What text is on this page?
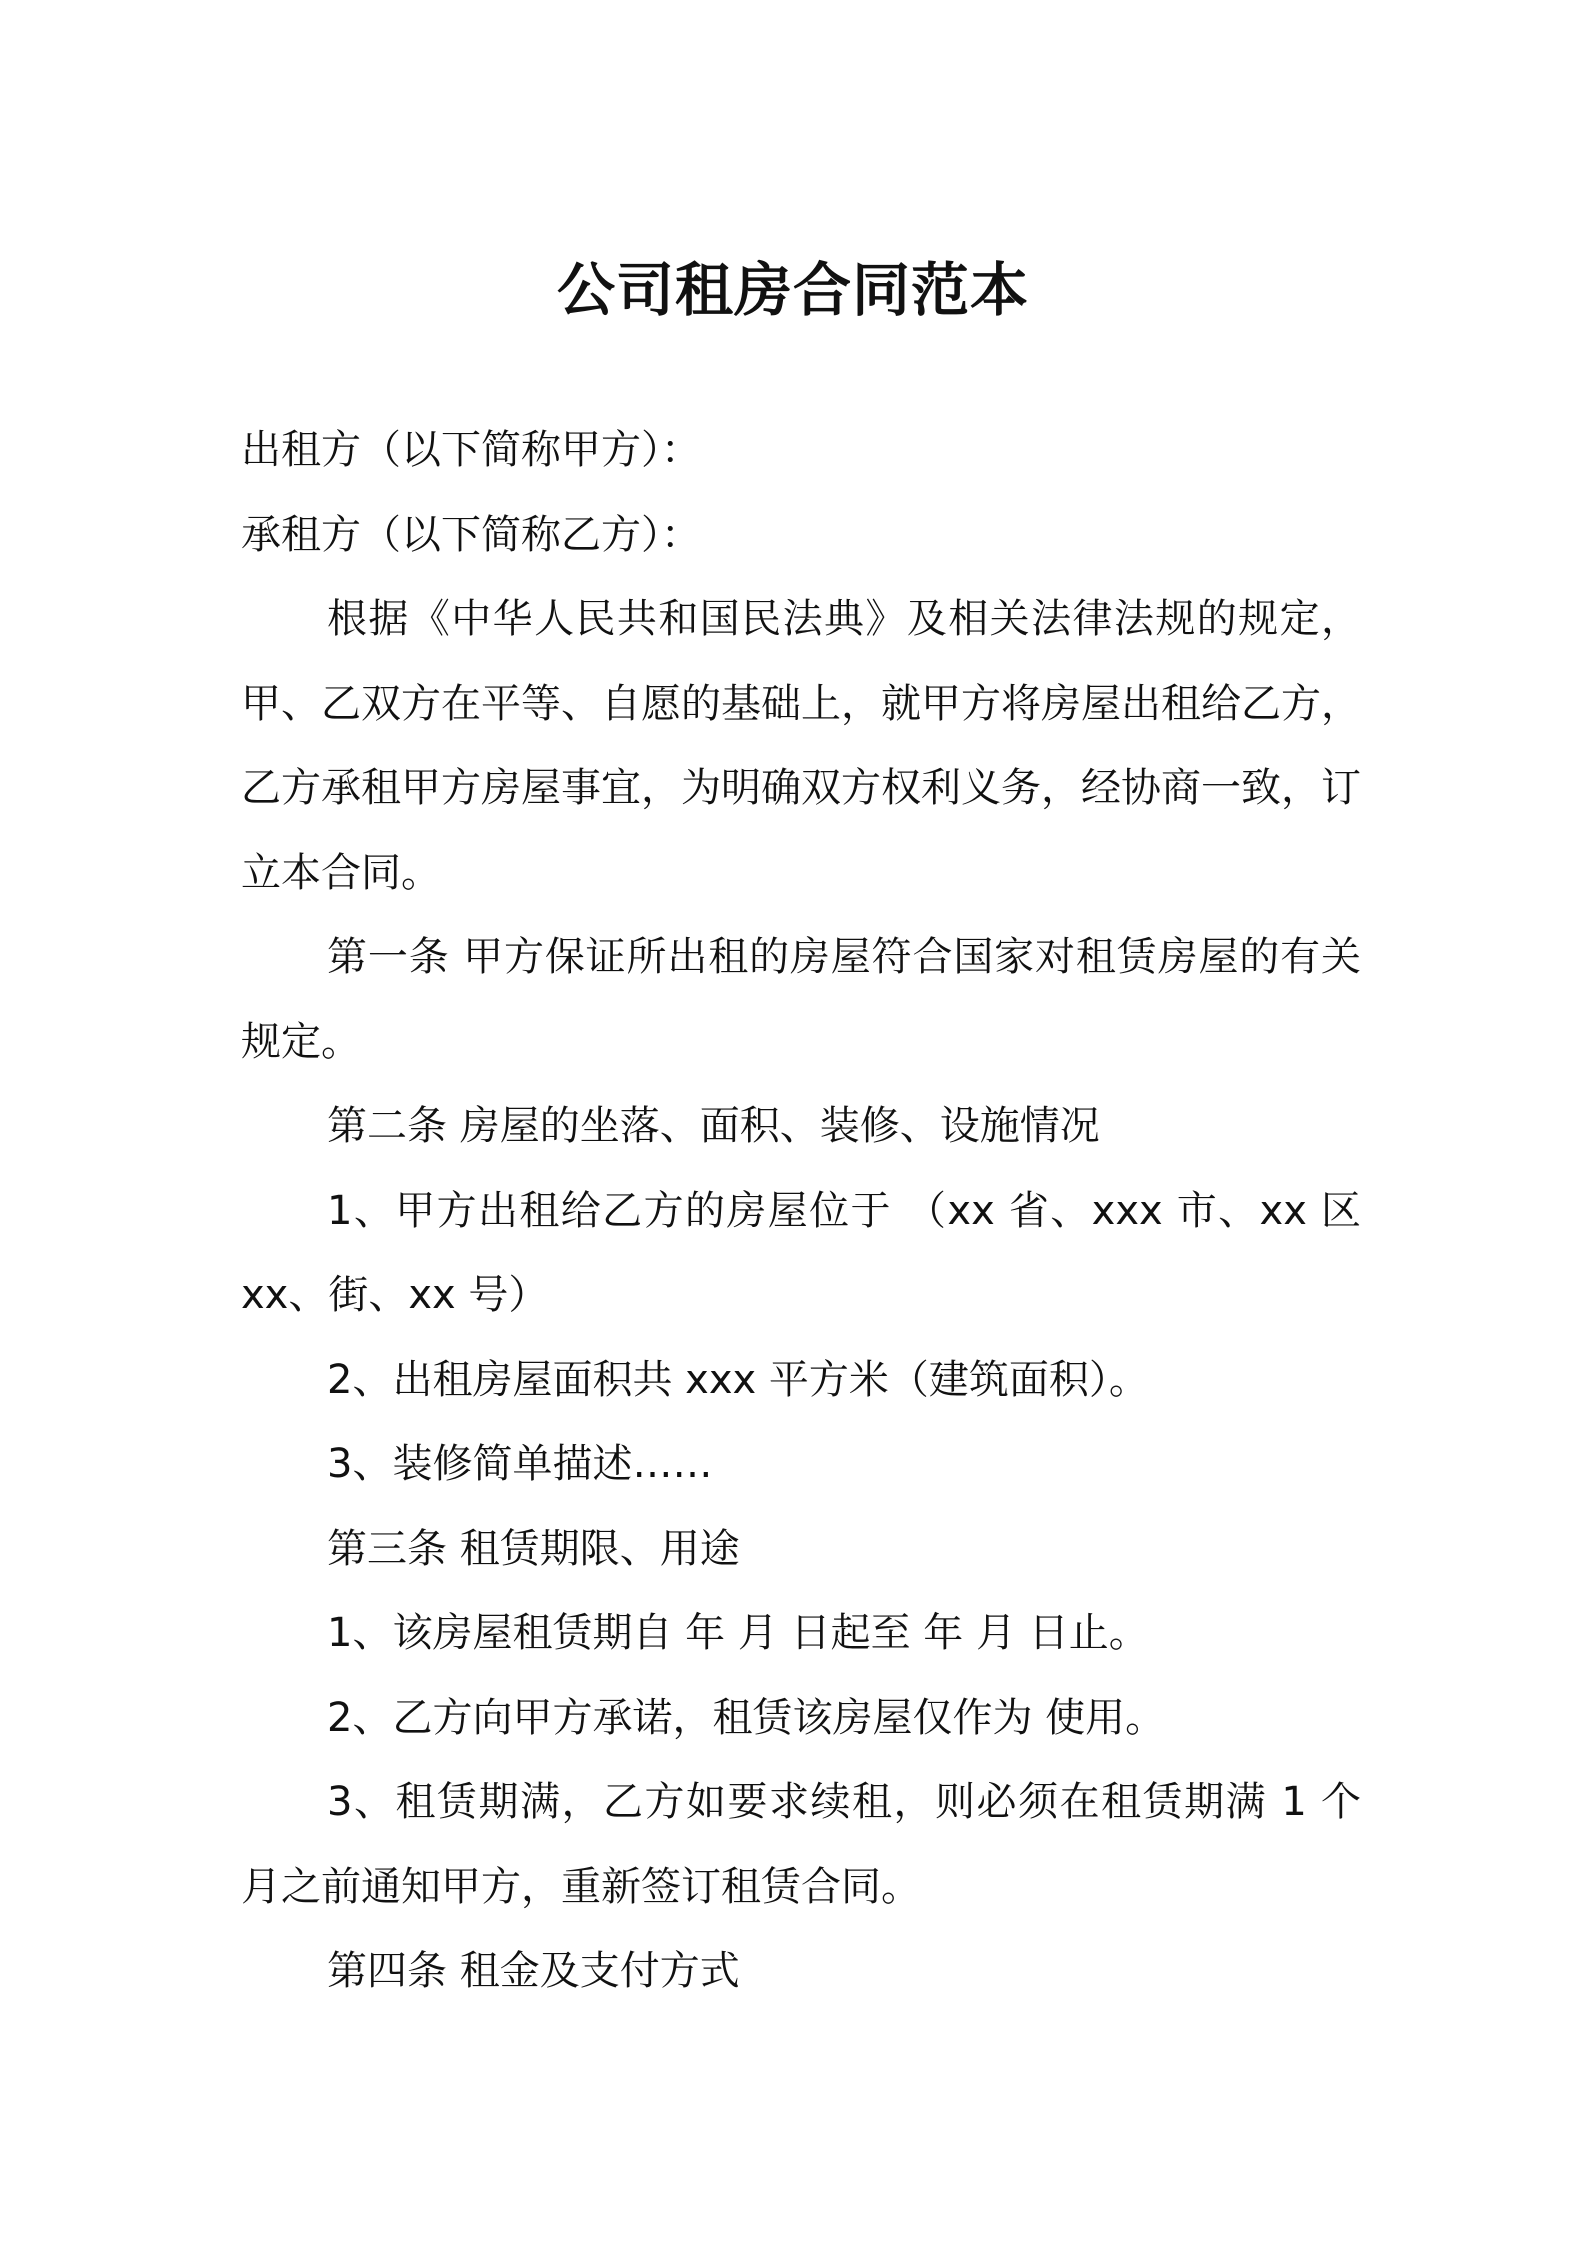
公司租房合同范本

出租方（以下简称甲方）：

承租方（以下简称乙方）：

根据《中华人民共和国民法典》及相关法律法规的规定，甲、乙双方在平等、自愿的基础上，就甲方将房屋出租给乙方，乙方承租甲方房屋事宜，为明确双方权利义务，经协商一致，订立本合同。

第一条 甲方保证所出租的房屋符合国家对租赁房屋的有关规定。

第二条 房屋的坐落、面积、装修、设施情况

1、甲方出租给乙方的房屋位于 （xx 省、xxx 市、xx 区 xx、街、xx 号）

2、出租房屋面积共 xxx 平方米（建筑面积）。

3、装修简单描述……

第三条 租赁期限、用途

1、该房屋租赁期自 年 月 日起至 年 月 日止。

2、乙方向甲方承诺，租赁该房屋仅作为 使用。

3、租赁期满，乙方如要求续租，则必须在租赁期满 1 个月之前通知甲方，重新签订租赁合同。

第四条 租金及支付方式
